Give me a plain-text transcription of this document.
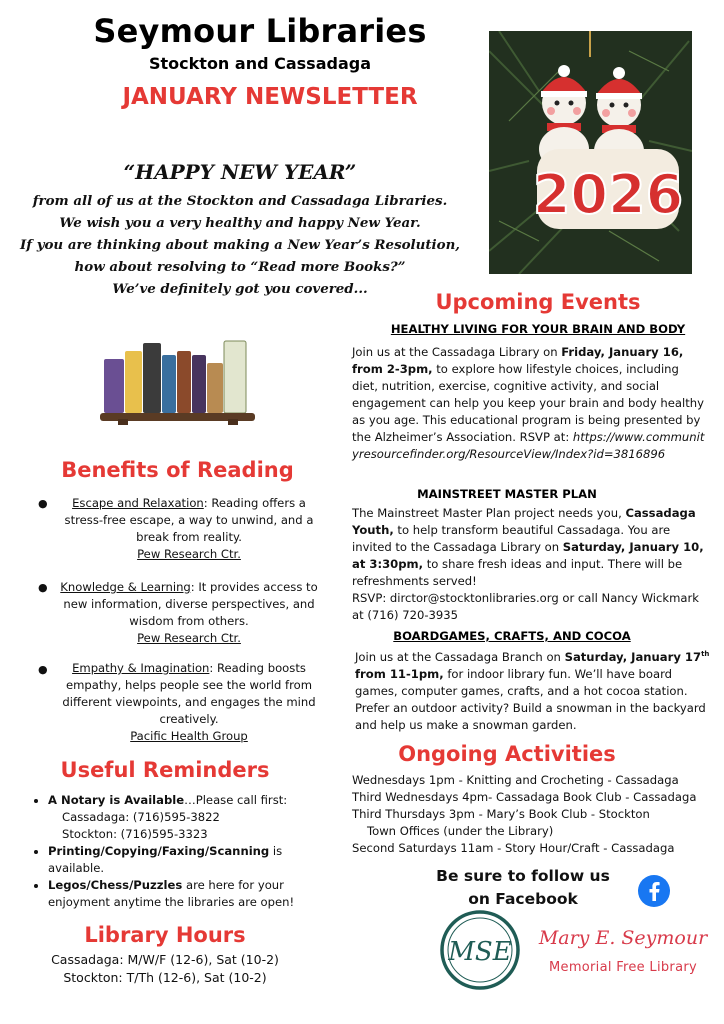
Seymour Libraries
Stockton and Cassadaga
JANUARY NEWSLETTER
“HAPPY NEW YEAR”
from all of us at the Stockton and Cassadaga Libraries.
We wish you a very healthy and happy New Year.
If you are thinking about making a New Year’s Resolution,
how about resolving to “Read more Books?”
We’ve definitely got you covered...
2026
Benefits of Reading
●	Escape and Relaxation: Reading offers a stress-free escape, a way to unwind, and a break from reality.
Pew Research Ctr.
●	Knowledge & Learning: It provides access to new information, diverse perspectives, and wisdom from others.
Pew Research Ctr.
●	Empathy & Imagination: Reading boosts empathy, helps people see the world from different viewpoints, and engages the mind creatively.
Pacific Health Group
Useful Reminders
• A Notary is Available…Please call first:
Cassadaga: (716)595-3822
Stockton: (716)595-3323
• Printing/Copying/Faxing/Scanning is available.
• Legos/Chess/Puzzles are here for your enjoyment anytime the libraries are open!
Library Hours
Cassadaga: M/W/F (12-6), Sat (10-2)
Stockton: T/Th (12-6), Sat (10-2)
Upcoming Events
HEALTHY LIVING FOR YOUR BRAIN AND BODY
Join us at the Cassadaga Library on Friday, January 16, from 2-3pm, to explore how lifestyle choices, including diet, nutrition, exercise, cognitive activity, and social engagement can help you keep your brain and body healthy as you age. This educational program is being presented by the Alzheimer’s Association. RSVP at: https://www.communityresourcefinder.org/ResourceView/Index?id=3816896
MAINSTREET MASTER PLAN
The Mainstreet Master Plan project needs you, Cassadaga Youth, to help transform beautiful Cassadaga. You are invited to the Cassadaga Library on Saturday, January 10, at 3:30pm, to share fresh ideas and input. There will be refreshments served!
RSVP: dirctor@stocktonlibraries.org or call Nancy Wickmark at (716) 720-3935
BOARDGAMES, CRAFTS, AND COCOA
Join us at the Cassadaga Branch on Saturday, January 17th from 11-1pm, for indoor library fun. We’ll have board games, computer games, crafts, and a hot cocoa station. Prefer an outdoor activity? Build a snowman in the backyard and help us make a snowman garden.
Ongoing Activities
Wednesdays 1pm - Knitting and Crocheting - Cassadaga
Third Wednesdays 4pm- Cassadaga Book Club - Cassadaga
Third Thursdays 3pm - Mary’s Book Club - Stockton
Town Offices (under the Library)
Second Saturdays 11am - Story Hour/Craft - Cassadaga
Be sure to follow us
on Facebook
MSE	Mary E. Seymour
Memorial Free Library
